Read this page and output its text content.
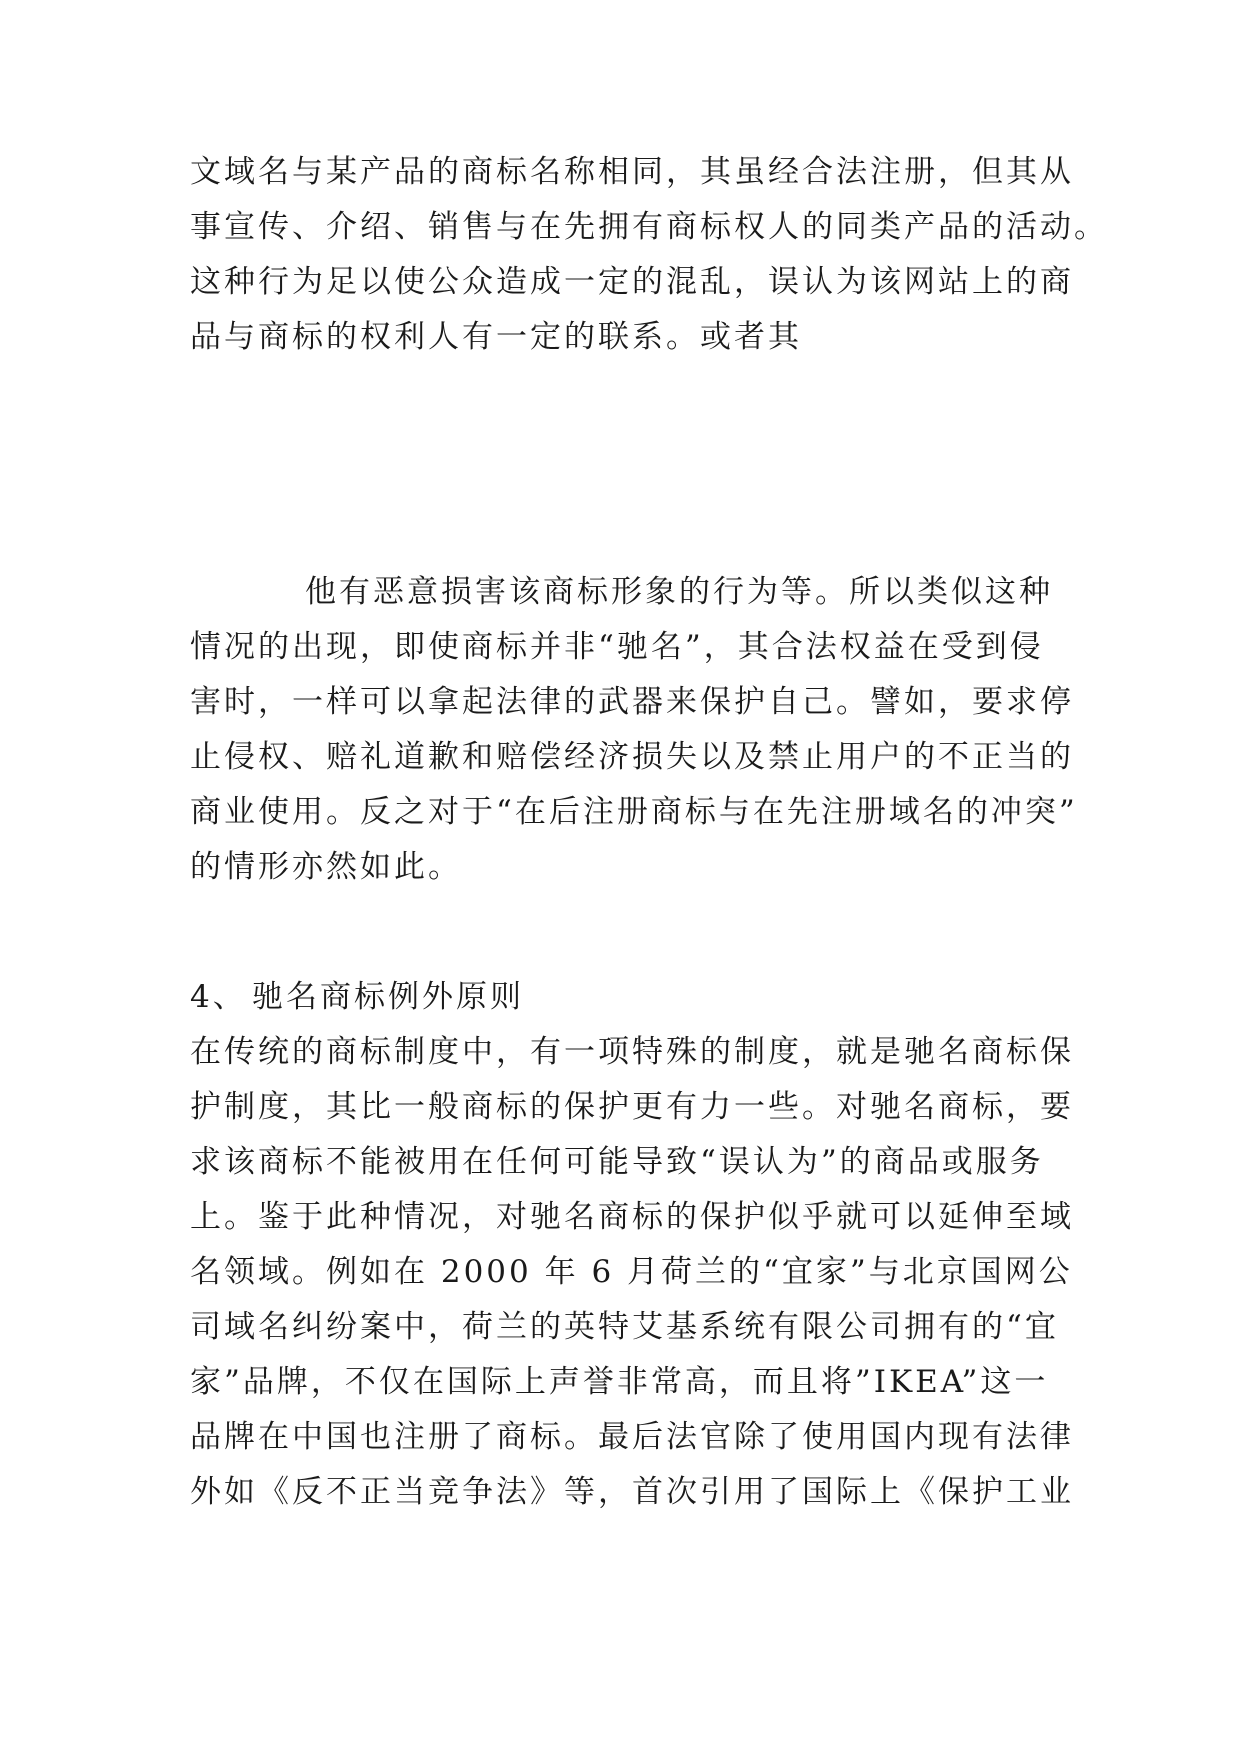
文域名与某产品的商标名称相同，其虽经合法注册，但其从
事宣传、介绍、销售与在先拥有商标权人的同类产品的活动。
这种行为足以使公众造成一定的混乱，误认为该网站上的商
品与商标的权利人有一定的联系。或者其
他有恶意损害该商标形象的行为等。所以类似这种
情况的出现，即使商标并非“驰名”，其合法权益在受到侵
害时，一样可以拿起法律的武器来保护自己。譬如，要求停
止侵权、赔礼道歉和赔偿经济损失以及禁止用户的不正当的
商业使用。反之对于“在后注册商标与在先注册域名的冲突”
的情形亦然如此。
4、 驰名商标例外原则
在传统的商标制度中，有一项特殊的制度，就是驰名商标保
护制度，其比一般商标的保护更有力一些。对驰名商标，要
求该商标不能被用在任何可能导致“误认为”的商品或服务
上。鉴于此种情况，对驰名商标的保护似乎就可以延伸至域
名领域。例如在 2000 年 6 月荷兰的“宜家”与北京国网公
司域名纠纷案中，荷兰的英特艾基系统有限公司拥有的“宜
家”品牌，不仅在国际上声誉非常高，而且将”IKEA”这一
品牌在中国也注册了商标。最后法官除了使用国内现有法律
外如《反不正当竞争法》等，首次引用了国际上《保护工业
